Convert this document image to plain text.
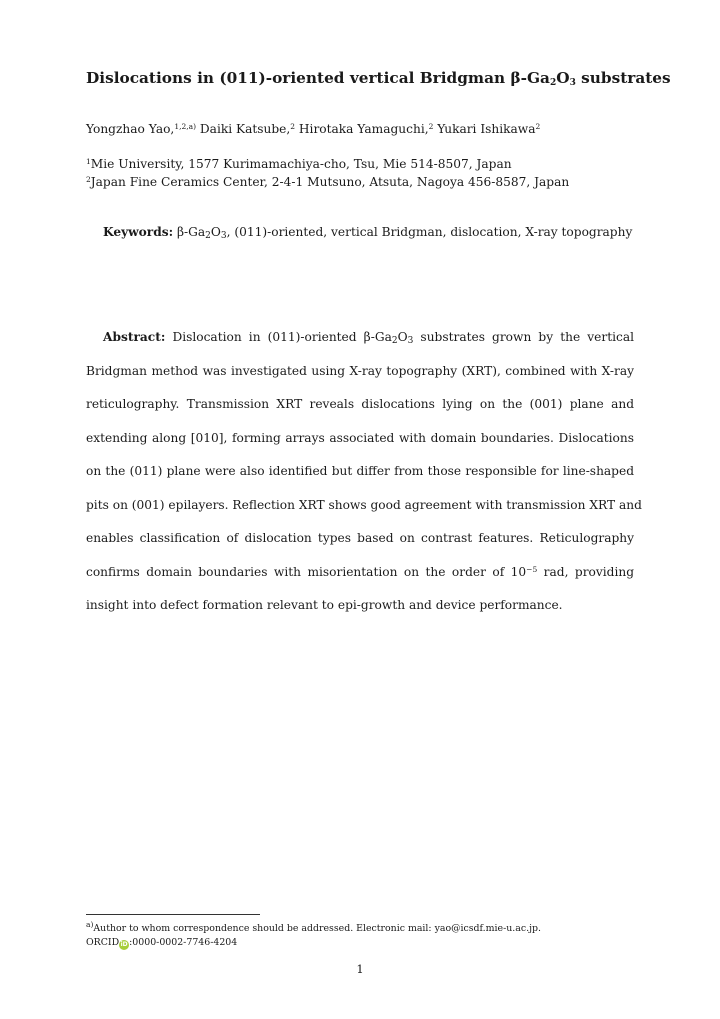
Dislocations in (011)-oriented vertical Bridgman $\beta-Ga_2O_3$ substrates
Yongzhao Yao,$^{1,2,a)}$ Daiki Katsube,$^2$ Hirotaka Yamaguchi,$^2$ Yukari Ishikawa$^2$
$^1$Mie University, 1577 Kurimamachiya-cho, Tsu, Mie 514-8507, Japan
$^2$Japan Fine Ceramics Center, 2-4-1 Mutsuno, Atsuta, Nagoya 456-8587, Japan
Keywords: $\beta-Ga_2O_3$, (011)-oriented, vertical Bridgman, dislocation, X-ray topography
Abstract: Dislocation in (011)-oriented $\beta-Ga_2O_3$ substrates grown by the vertical
Bridgman method was investigated using X-ray topography (XRT), combined with X-ray
reticulography. Transmission XRT reveals dislocations lying on the (001) plane and
extending along [010], forming arrays associated with domain boundaries. Dislocations
on the (011) plane were also identified but differ from those responsible for line-shaped
pits on (001) epilayers. Reflection XRT shows good agreement with transmission XRT and
enables classification of dislocation types based on contrast features. Reticulography
confirms domain boundaries with misorientation on the order of $10^{-5}$ rad, providing
insight into defect formation relevant to epi-growth and device performance.
$^{a)}$Author to whom correspondence should be addressed. Electronic mail: yao@icsdf.mie-u.ac.jp.
ORCIDiD:0000-0002-7746-4204
1
